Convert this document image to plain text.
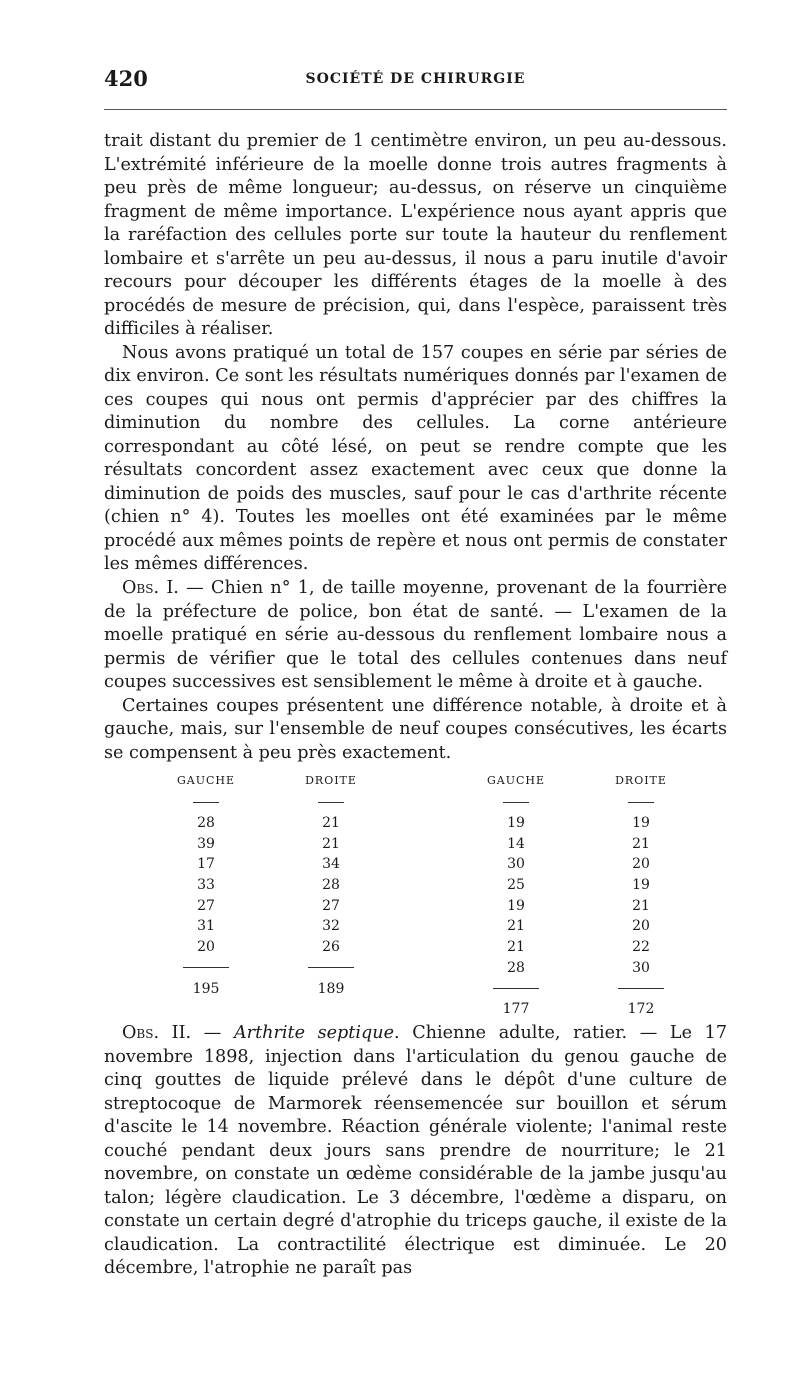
420	SOCIÉTÉ DE CHIRURGIE

trait distant du premier de 1 centimètre environ, un peu au-dessous. L'extrémité inférieure de la moelle donne trois autres fragments à peu près de même longueur; au-dessus, on réserve un cinquième fragment de même importance. L'expérience nous ayant appris que la raréfaction des cellules porte sur toute la hauteur du renflement lombaire et s'arrête un peu au-dessus, il nous a paru inutile d'avoir recours pour découper les différents étages de la moelle à des procédés de mesure de précision, qui, dans l'espèce, paraissent très difficiles à réaliser.

Nous avons pratiqué un total de 157 coupes en série par séries de dix environ. Ce sont les résultats numériques donnés par l'examen de ces coupes qui nous ont permis d'apprécier par des chiffres la diminution du nombre des cellules. La corne antérieure correspondant au côté lésé, on peut se rendre compte que les résultats concordent assez exactement avec ceux que donne la diminution de poids des muscles, sauf pour le cas d'arthrite récente (chien n° 4). Toutes les moelles ont été examinées par le même procédé aux mêmes points de repère et nous ont permis de constater les mêmes différences.

Obs. I. — Chien n° 1, de taille moyenne, provenant de la fourrière de la préfecture de police, bon état de santé. — L'examen de la moelle pratiqué en série au-dessous du renflement lombaire nous a permis de vérifier que le total des cellules contenues dans neuf coupes successives est sensiblement le même à droite et à gauche.

Certaines coupes présentent une différence notable, à droite et à gauche, mais, sur l'ensemble de neuf coupes consécutives, les écarts se compensent à peu près exactement.

GAUCHE	DROITE		GAUCHE	DROITE

28	21		19	19
39	21		14	21
17	34		30	20
33	28		25	19
27	27		19	21
31	32		21	20
20	26		21	22
			28	30
195	189			
			177	172

Obs. II. — Arthrite septique. Chienne adulte, ratier. — Le 17 novembre 1898, injection dans l'articulation du genou gauche de cinq gouttes de liquide prélevé dans le dépôt d'une culture de streptocoque de Marmorek réensemencée sur bouillon et sérum d'ascite le 14 novembre. Réaction générale violente; l'animal reste couché pendant deux jours sans prendre de nourriture; le 21 novembre, on constate un œdème considérable de la jambe jusqu'au talon; légère claudication. Le 3 décembre, l'œdème a disparu, on constate un certain degré d'atrophie du triceps gauche, il existe de la claudication. La contractilité électrique est diminuée. Le 20 décembre, l'atrophie ne paraît pas
